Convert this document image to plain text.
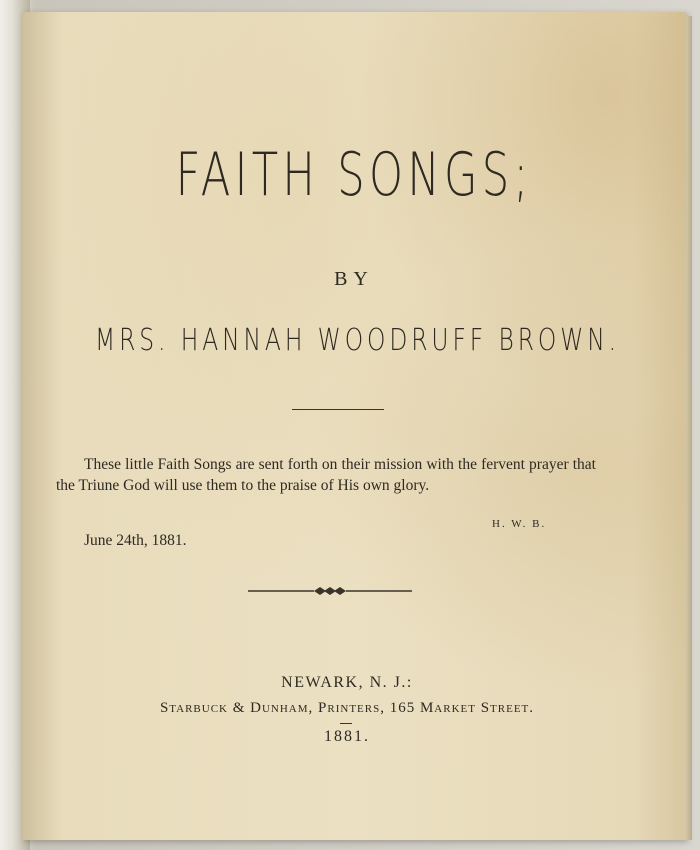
FAITH SONGS;
BY
MRS. HANNAH WOODRUFF BROWN.
These little Faith Songs are sent forth on their mission with the fervent prayer that the Triune God will use them to the praise of His own glory.
H. W. B.
June 24th, 1881.
NEWARK, N. J.:
Starbuck & Dunham, Printers, 165 Market Street.
1881.
